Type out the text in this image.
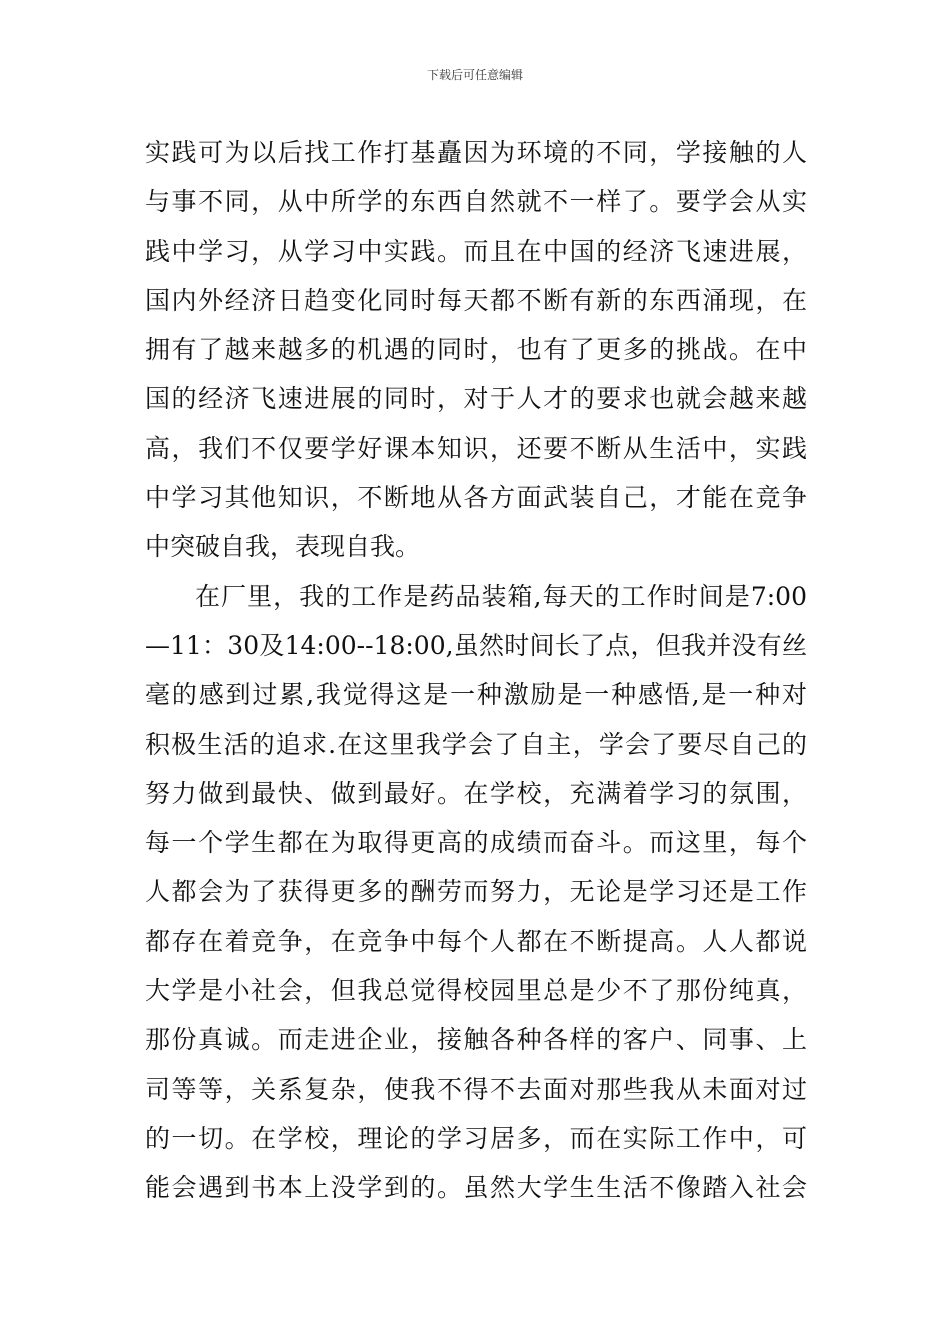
下载后可任意编辑
实践可为以后找工作打基矗因为环境的不同，学接触的人
与事不同，从中所学的东西自然就不一样了。要学会从实
践中学习，从学习中实践。而且在中国的经济飞速进展，
国内外经济日趋变化同时每天都不断有新的东西涌现，在
拥有了越来越多的机遇的同时，也有了更多的挑战。在中
国的经济飞速进展的同时，对于人才的要求也就会越来越
高，我们不仅要学好课本知识，还要不断从生活中，实践
中学习其他知识，不断地从各方面武装自己，才能在竞争
中突破自我，表现自我。
在厂里，我的工作是药品装箱,每天的工作时间是7:00
—11：30及14:00--18:00,虽然时间长了点，但我并没有丝
毫的感到过累,我觉得这是一种激励是一种感悟,是一种对
积极生活的追求.在这里我学会了自主，学会了要尽自己的
努力做到最快、做到最好。在学校，充满着学习的氛围，
每一个学生都在为取得更高的成绩而奋斗。而这里，每个
人都会为了获得更多的酬劳而努力，无论是学习还是工作
都存在着竞争，在竞争中每个人都在不断提高。人人都说
大学是小社会，但我总觉得校园里总是少不了那份纯真，
那份真诚。而走进企业，接触各种各样的客户、同事、上
司等等，关系复杂，使我不得不去面对那些我从未面对过
的一切。在学校，理论的学习居多，而在实际工作中，可
能会遇到书本上没学到的。虽然大学生生活不像踏入社会
